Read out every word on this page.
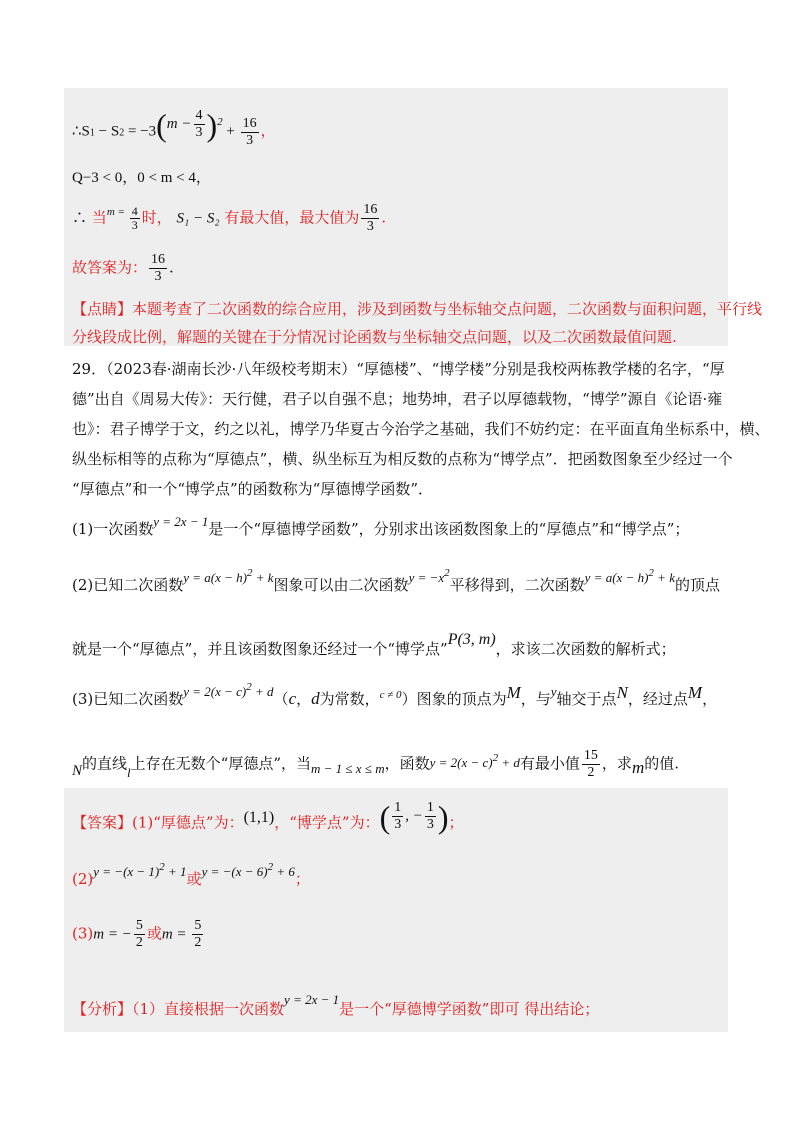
∴S1 − S2 = −3 ( $m - \frac{4}{3}$ ) $^2 + \frac{16}{3}$ ，
Q−3 < 0，0 < m < 4，
∴ 当$^{m =} \frac{4}{3}$ 时， S₁ − S₂ 有最大值，最大值为 $\frac{16}{3}$ .
故答案为： $\frac{16}{3}$ .
【点睛】本题考查了二次函数的综合应用，涉及到函数与坐标轴交点问题，二次函数与面积问题，平行线
分线段成比例，解题的关键在于分情况讨论函数与坐标轴交点问题，以及二次函数最值问题.
29．（2023春·湖南长沙·八年级校考期末）“厚德楼”、“博学楼”分别是我校两栋教学楼的名字，“厚
德”出自《周易大传》：天行健，君子以自强不息；地势坤，君子以厚德载物，“博学”源自《论语·雍
也》：君子博学于文，约之以礼，博学乃华夏古今治学之基础，我们不妨约定：在平面直角坐标系中，横、
纵坐标相等的点称为“厚德点”，横、纵坐标互为相反数的点称为“博学点”．把函数图象至少经过一个
“厚德点”和一个“博学点”的函数称为“厚德博学函数”．
(1)一次函数y = 2x − 1是一个“厚德博学函数”，分别求出该函数图象上的“厚德点”和“博学点”；
(2)已知二次函数$y = a(x - h)^2 + k$图象可以由二次函数$y = -x^2$平移得到，二次函数$y = a(x - h)^2 + k$的顶点
就是一个“厚德点”，并且该函数图象还经过一个“博学点”P(3, m)，求该二次函数的解析式；
(3)已知二次函数$y = 2(x - c)^2 + d(c$，d为常数，$^{c \ne 0}$）图象的顶点为M，与y轴交于点N，经过点M，
N的直线l上存在无数个“厚德点”，当m − 1 ≤ x ≤ m，函数$y = 2(x - c)^2 + d$有最小值 $\frac{15}{2}$ ，求m的值.
【答案】(1)“厚德点”为：(1,1)，“博学点”为： ( $\frac{1}{3}$ , − $\frac{1}{3}$ ) ；
$(2)y = -(x - 1)^2 + 1$或$y = -(x - 6)^2 + 6$；
(3)m = − $\frac{5}{2}$ 或$m = \frac{5}{2}$
【分析】（1）直接根据一次函数y = 2x − 1是一个“厚德博学函数”即可 得出结论；
